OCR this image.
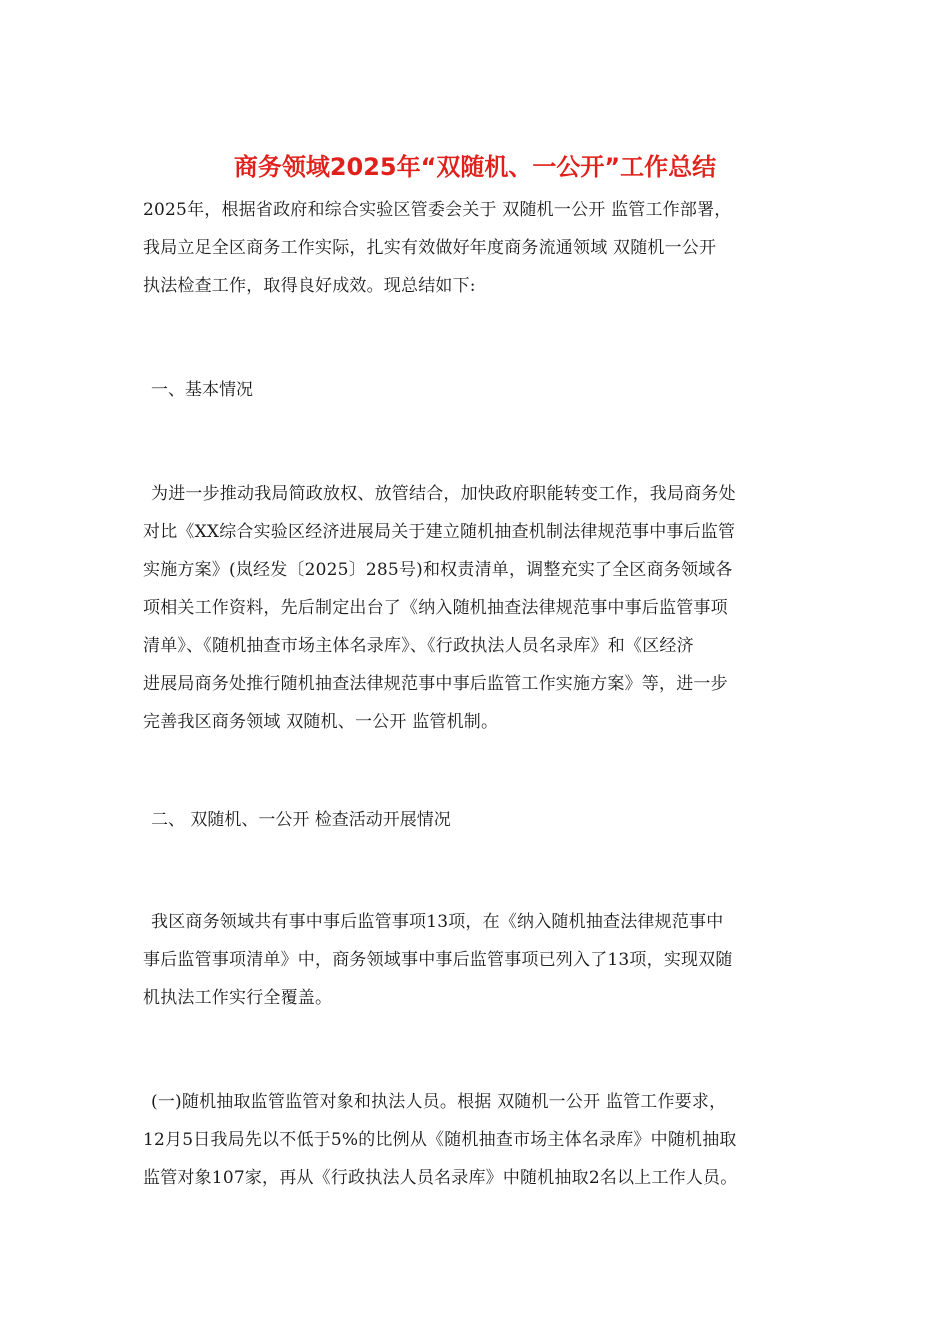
商务领域2025年“双随机、一公开”工作总结
2025年，根据省政府和综合实验区管委会关于 双随机一公开 监管工作部署，
我局立足全区商务工作实际，扎实有效做好年度商务流通领域 双随机一公开
执法检查工作，取得良好成效。现总结如下:
一、基本情况
为进一步推动我局简政放权、放管结合，加快政府职能转变工作，我局商务处
对比《XX综合实验区经济进展局关于建立随机抽查机制法律规范事中事后监管
实施方案》(岚经发〔2025〕285号)和权责清单，调整充实了全区商务领域各
项相关工作资料，先后制定出台了《纳入随机抽查法律规范事中事后监管事项
清单》、《随机抽查市场主体名录库》、《行政执法人员名录库》和《区经济
进展局商务处推行随机抽查法律规范事中事后监管工作实施方案》等，进一步
完善我区商务领域 双随机、一公开 监管机制。
二、 双随机、一公开 检查活动开展情况
我区商务领域共有事中事后监管事项13项，在《纳入随机抽查法律规范事中
事后监管事项清单》中，商务领域事中事后监管事项已列入了13项，实现双随
机执法工作实行全覆盖。
(一)随机抽取监管监管对象和执法人员。根据 双随机一公开 监管工作要求，
12月5日我局先以不低于5%的比例从《随机抽查市场主体名录库》中随机抽取
监管对象107家，再从《行政执法人员名录库》中随机抽取2名以上工作人员。
